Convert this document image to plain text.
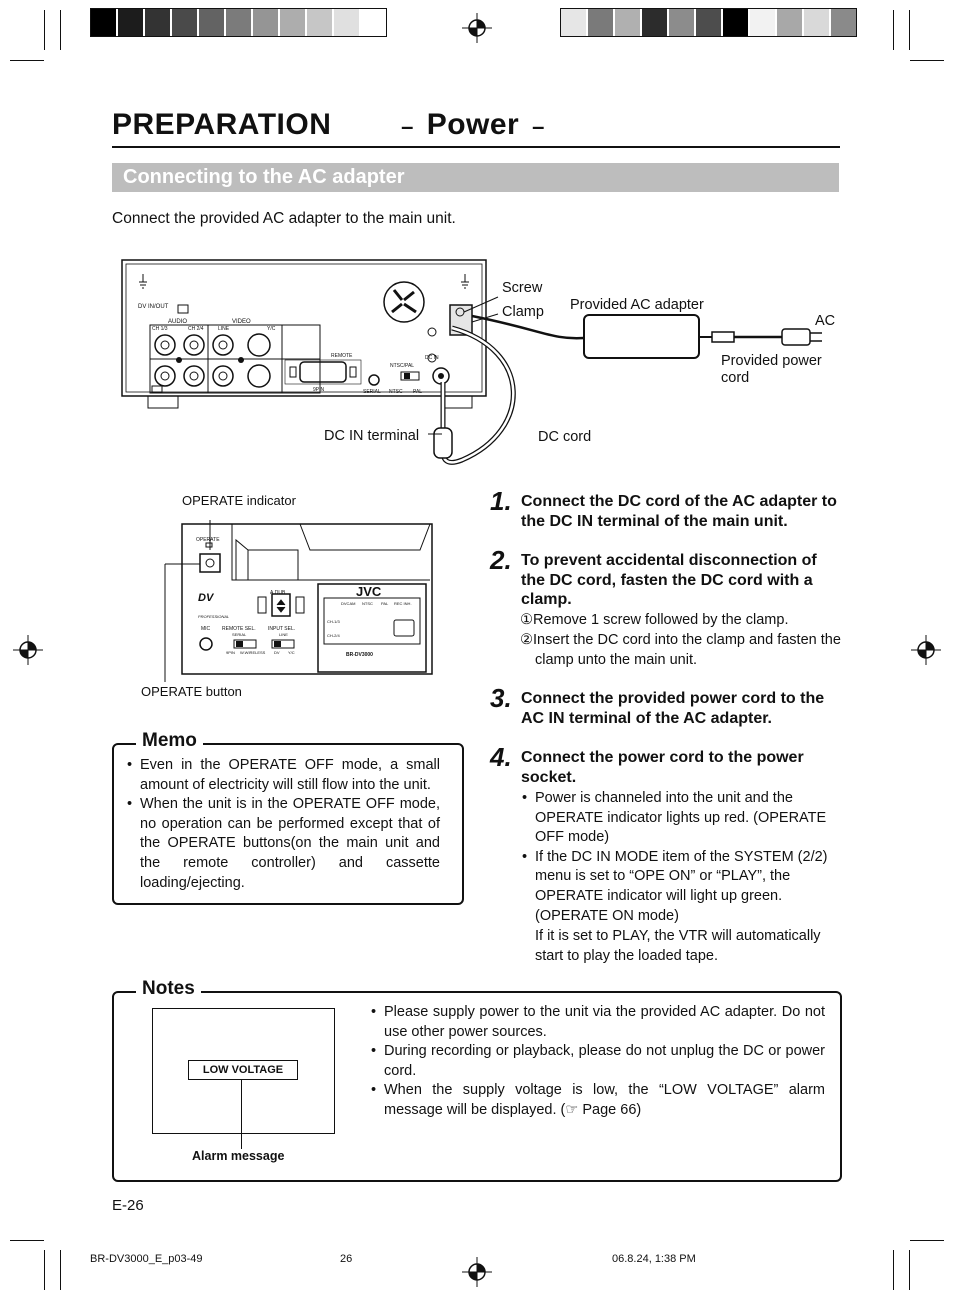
PREPARATION	– Power –
Connecting to the AC adapter
Connect the provided AC adapter to the main unit.
DV IN/OUT
AUDIO	VIDEO
CH 1/3	CH 2/4	LINE	Y/C
REMOTE
9PIN
NTSC/PAL
SERIAL NTSC PAL
DC IN
Screw
Clamp Provided AC adapter
AC
Provided power cord
DC IN terminal	DC cord
OPERATE indicator
OPERATE
A.DUB
MIC REMOTE SEL. INPUT SEL.
SERIAL	LINE
9PIN W.WIRELESS DV Y/C
DV
PROFESSIONAL
JVC
BR-DV3000
DVCAM NTSC PAL REC INH.
CH-1/3
CH-2/4
OPERATE button
Memo
• Even in the OPERATE OFF mode, a small amount of electricity will still flow into the unit.
• When the unit is in the OPERATE OFF mode, no operation can be performed except that of the OPERATE buttons(on the main unit and the remote controller) and cassette loading/ejecting.
1. Connect the DC cord of the AC adapter to the DC IN terminal of the main unit.
2. To prevent accidental disconnection of the DC cord, fasten the DC cord with a clamp.
①Remove 1 screw followed by the clamp.
②Insert the DC cord into the clamp and fasten the clamp unto the main unit.
3. Connect the provided power cord to the AC IN terminal of the AC adapter.
4. Connect the power cord to the power socket.
• Power is channeled into the unit and the OPERATE indicator lights up red. (OPERATE OFF mode)
• If the DC IN MODE item of the SYSTEM (2/2) menu is set to “OPE ON” or “PLAY”, the OPERATE indicator will light up green. (OPERATE ON mode)
If it is set to PLAY, the VTR will automatically start to play the loaded tape.
Notes
LOW VOLTAGE
Alarm message
• Please supply power to the unit via the provided AC adapter. Do not use other power sources.
• During recording or playback, please do not unplug the DC or power cord.
• When the supply voltage is low, the “LOW VOLTAGE” alarm message will be displayed. (☞ Page 66)
E-26
BR-DV3000_E_p03-49	26	06.8.24, 1:38 PM
